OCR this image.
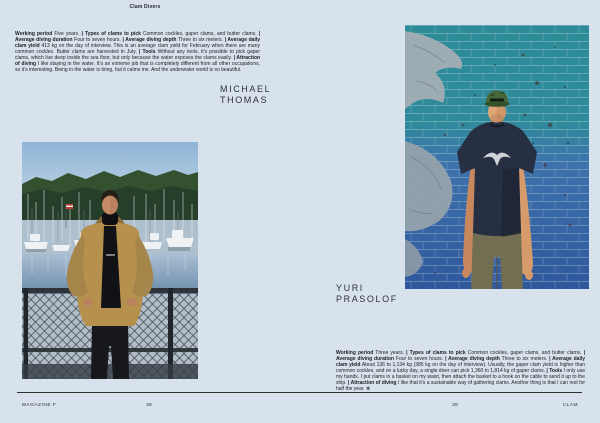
Clam Divers

Working period Five years. | Types of clams to pick Common cockles, gaper clams, and butter clams. | Average diving duration Four to seven hours. | Average diving depth Three to six meters. | Average daily clam yield 413 kg on the day of interview. This is an average clam yield for February when there are many common cockles. Butter clams are harvested in July. | Tools Without any tools, it’s possible to pick gaper clams, which live deep inside the sea floor, but only because the water exposes the clams easily. | Attraction of diving I like staying in the water. It’s an extreme job that is completely different from all other occupations, so it’s interesting. Being in the water is tiring, but it calms me. And the underwater world is so beautiful.

MICHAEL
THOMAS
YURI
PRASOLOF

Working period Three years. | Types of clams to pick Common cockles, gaper clams, and butter clams. | Average diving duration Four to seven hours. | Average diving depth Three to six meters. | Average daily clam yield About 136 to 1,134 kg (385 kg on the day of interview). Usually, the gaper clam yield is higher than common cockles, and on a lucky day, a single diver can pick 1,360 to 1,814 kg of gaper clams. | Tools I only use my hands. I put clams in a basket on my waist, then attach the basket to a hook on the cable to send it up to the ship. | Attraction of diving I like that it’s a sustainable way of gathering clams. Another thing is that I can rest for half the year. ❋

MAGAZINE F	28	29	CLAM
